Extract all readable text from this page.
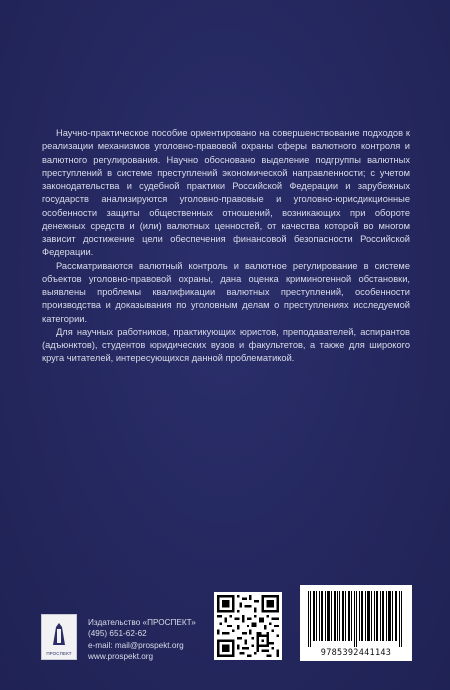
Научно-практическое пособие ориентировано на совершенствование подходов к реализации механизмов уголовно-правовой охраны сферы валютного контроля и валютного регулирования. Научно обосновано выделение подгруппы валютных преступлений в системе преступлений экономической направленности; с учетом законодательства и судебной практики Российской Федерации и зарубежных государств анализируются уголовно-правовые и уголовно-юрисдикционные особенности защиты общественных отношений, возникающих при обороте денежных средств и (или) валютных ценностей, от качества которой во многом зависит достижение цели обеспечения финансовой безопасности Российской Федерации.

Рассматриваются валютный контроль и валютное регулирование в системе объектов уголовно-правовой охраны, дана оценка криминогенной обстановки, выявлены проблемы квалификации валютных преступлений, особенности производства и доказывания по уголовным делам о преступлениях исследуемой категории.

Для научных работников, практикующих юристов, преподавателей, аспирантов (адъюнктов), студентов юридических вузов и факультетов, а также для широкого круга читателей, интересующихся данной проблематикой.

ПРОСПЕКТ
Издательство «ПРОСПЕКТ»
(495) 651-62-62
e-mail: mail@prospekt.org
www.prospekt.org	9785392441143
